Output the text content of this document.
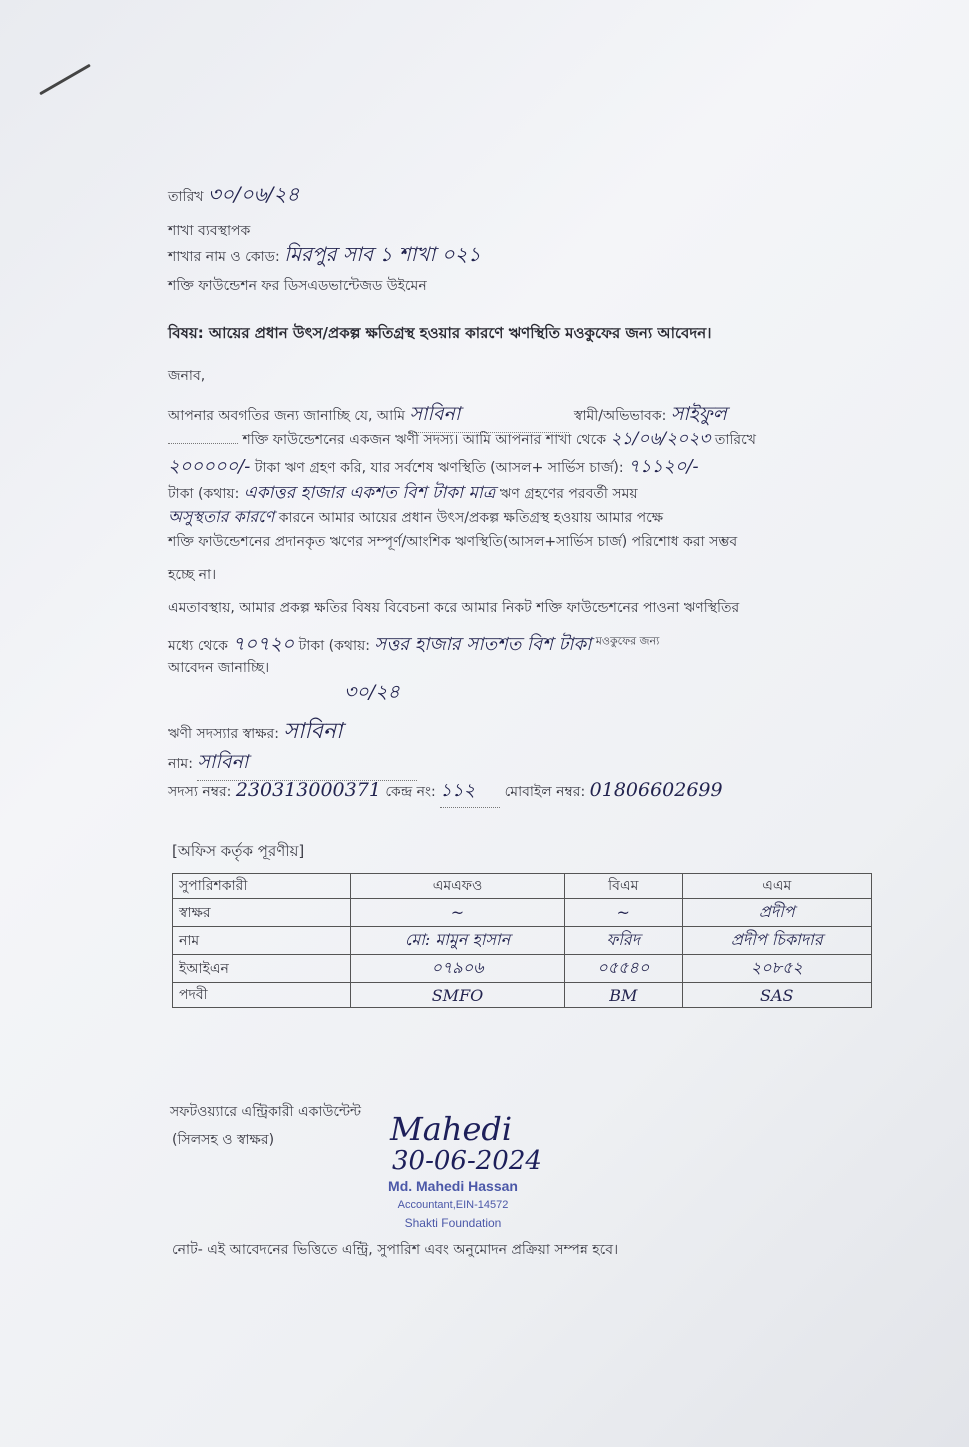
তারিখ ৩০/০৬/২৪
শাখা ব্যবস্থাপক
শাখার নাম ও কোড: মিরপুর সাব ১ শাখা ০২১
শক্তি ফাউন্ডেশন ফর ডিসএডভান্টেজড উইমেন
বিষয়: আয়ের প্রধান উৎস/প্রকল্প ক্ষতিগ্রস্থ হওয়ার কারণে ঋণস্থিতি মওকুফের জন্য আবেদন।
জনাব,
আপনার অবগতির জন্য জানাচ্ছি যে, আমি সাবিনা	স্বামী/অভিভাবক: সাইফুল
শক্তি ফাউন্ডেশনের একজন ঋণী সদস্য। আমি আপনার শাখা থেকে ২১/০৬/২০২৩ তারিখে
২০০০০০/- টাকা ঋণ গ্রহণ করি, যার সর্বশেষ ঋণস্থিতি (আসল+ সার্ভিস চার্জ): ৭১১২০/-
টাকা (কথায়: একাত্তর হাজার একশত বিশ টাকা মাত্র ঋণ গ্রহণের পরবর্তী সময়
অসুস্থতার কারণে কারনে আমার আয়ের প্রধান উৎস/প্রকল্প ক্ষতিগ্রস্থ হওয়ায় আমার পক্ষে
শক্তি ফাউন্ডেশনের প্রদানকৃত ঋণের সম্পূর্ণ/আংশিক ঋণস্থিতি(আসল+সার্ভিস চার্জ) পরিশোধ করা সম্ভব
হচ্ছে না।
এমতাবস্থায়, আমার প্রকল্প ক্ষতির বিষয় বিবেচনা করে আমার নিকট শক্তি ফাউন্ডেশনের পাওনা ঋণস্থিতির
মধ্যে থেকে ৭০৭২০ টাকা (কথায়: সত্তর হাজার সাতশত বিশ টাকা $^{মওকুফের জন্য}$
আবেদন জানাচ্ছি।
৩০/২৪
ঋণী সদস্যার স্বাক্ষর: সাবিনা
নাম: সাবিনা
সদস্য নম্বর: 230313000371 কেন্দ্র নং: ১১২ মোবাইল নম্বর: 01806602699
[অফিস কর্তৃক পূরণীয়]
সুপারিশকারী	এমএফও	বিএম	এএম
স্বাক্ষর	~	~	প্রদীপ
নাম	মো: মামুন হাসান	ফরিদ	প্রদীপ চিকাদার
ইআইএন	০৭৯০৬	০৫৫৪০	২০৮৫২
পদবী	SMFO	BM	SAS
সফটওয়্যারে এন্ট্রিকারী একাউন্টেন্ট
(সিলসহ ও স্বাক্ষর)	Mahedi
30-06-2024
Md. Mahedi Hassan
Accountant,EIN-14572
Shakti Foundation
নোট- এই আবেদনের ভিত্তিতে এন্ট্রি, সুপারিশ এবং অনুমোদন প্রক্রিয়া সম্পন্ন হবে।
